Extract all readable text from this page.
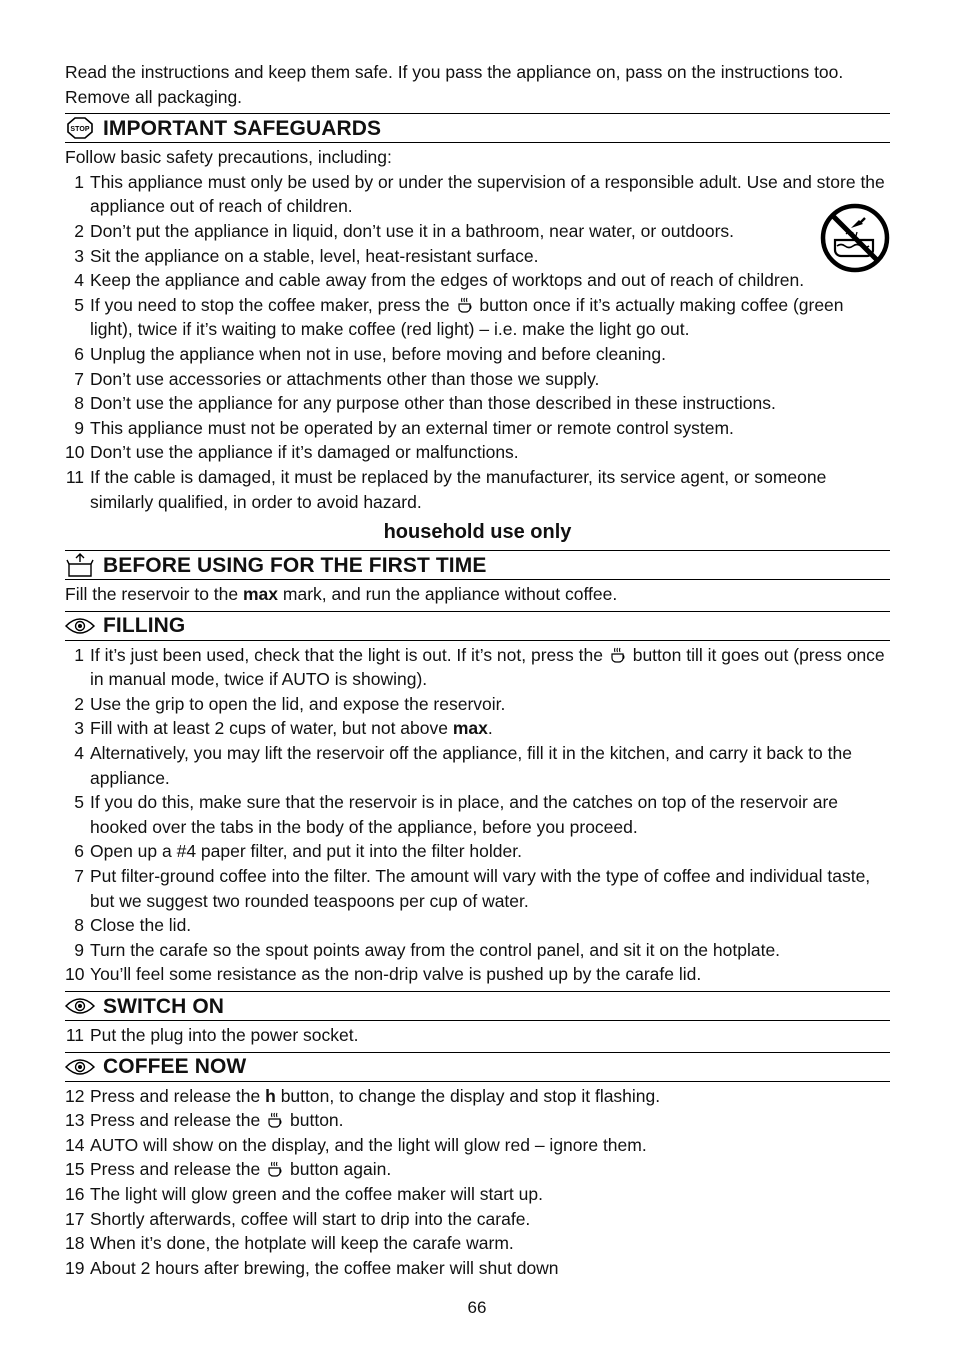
Read the instructions and keep them safe. If you pass the appliance on, pass on the instructions too. Remove all packaging.

STOP IMPORTANT SAFEGUARDS

Follow basic safety precautions, including:

1 This appliance must only be used by or under the supervision of a responsible adult. Use and store the appliance out of reach of children.
2 Don’t put the appliance in liquid, don’t use it in a bathroom, near water, or outdoors.
3 Sit the appliance on a stable, level, heat-resistant surface.
4 Keep the appliance and cable away from the edges of worktops and out of reach of children.
5 If you need to stop the coffee maker, press the button once if it’s actually making coffee (green light), twice if it’s waiting to make coffee (red light) – i.e. make the light go out.
6 Unplug the appliance when not in use, before moving and before cleaning.
7 Don’t use accessories or attachments other than those we supply.
8 Don’t use the appliance for any purpose other than those described in these instructions.
9 This appliance must not be operated by an external timer or remote control system.
10 Don’t use the appliance if it’s damaged or malfunctions.
11 If the cable is damaged, it must be replaced by the manufacturer, its service agent, or someone similarly qualified, in order to avoid hazard.
household use only
BEFORE USING FOR THE FIRST TIME

Fill the reservoir to the max mark, and run the appliance without coffee.

FILLING
1 If it’s just been used, check that the light is out. If it’s not, press the button till it goes out (press once in manual mode, twice if AUTO is showing).
2 Use the grip to open the lid, and expose the reservoir.
3 Fill with at least 2 cups of water, but not above max.
4 Alternatively, you may lift the reservoir off the appliance, fill it in the kitchen, and carry it back to the appliance.
5 If you do this, make sure that the reservoir is in place, and the catches on top of the reservoir are hooked over the tabs in the body of the appliance, before you proceed.
6 Open up a #4 paper filter, and put it into the filter holder.
7 Put filter-ground coffee into the filter. The amount will vary with the type of coffee and individual taste, but we suggest two rounded teaspoons per cup of water.
8 Close the lid.
9 Turn the carafe so the spout points away from the control panel, and sit it on the hotplate.
10 You’ll feel some resistance as the non-drip valve is pushed up by the carafe lid.
SWITCH ON
11 Put the plug into the power socket.
COFFEE NOW
12 Press and release the h button, to change the display and stop it flashing.
13 Press and release the button.
14 AUTO will show on the display, and the light will glow red – ignore them.
15 Press and release the button again.
16 The light will glow green and the coffee maker will start up.
17 Shortly afterwards, coffee will start to drip into the carafe.
18 When it’s done, the hotplate will keep the carafe warm.
19 About 2 hours after brewing, the coffee maker will shut down
66
